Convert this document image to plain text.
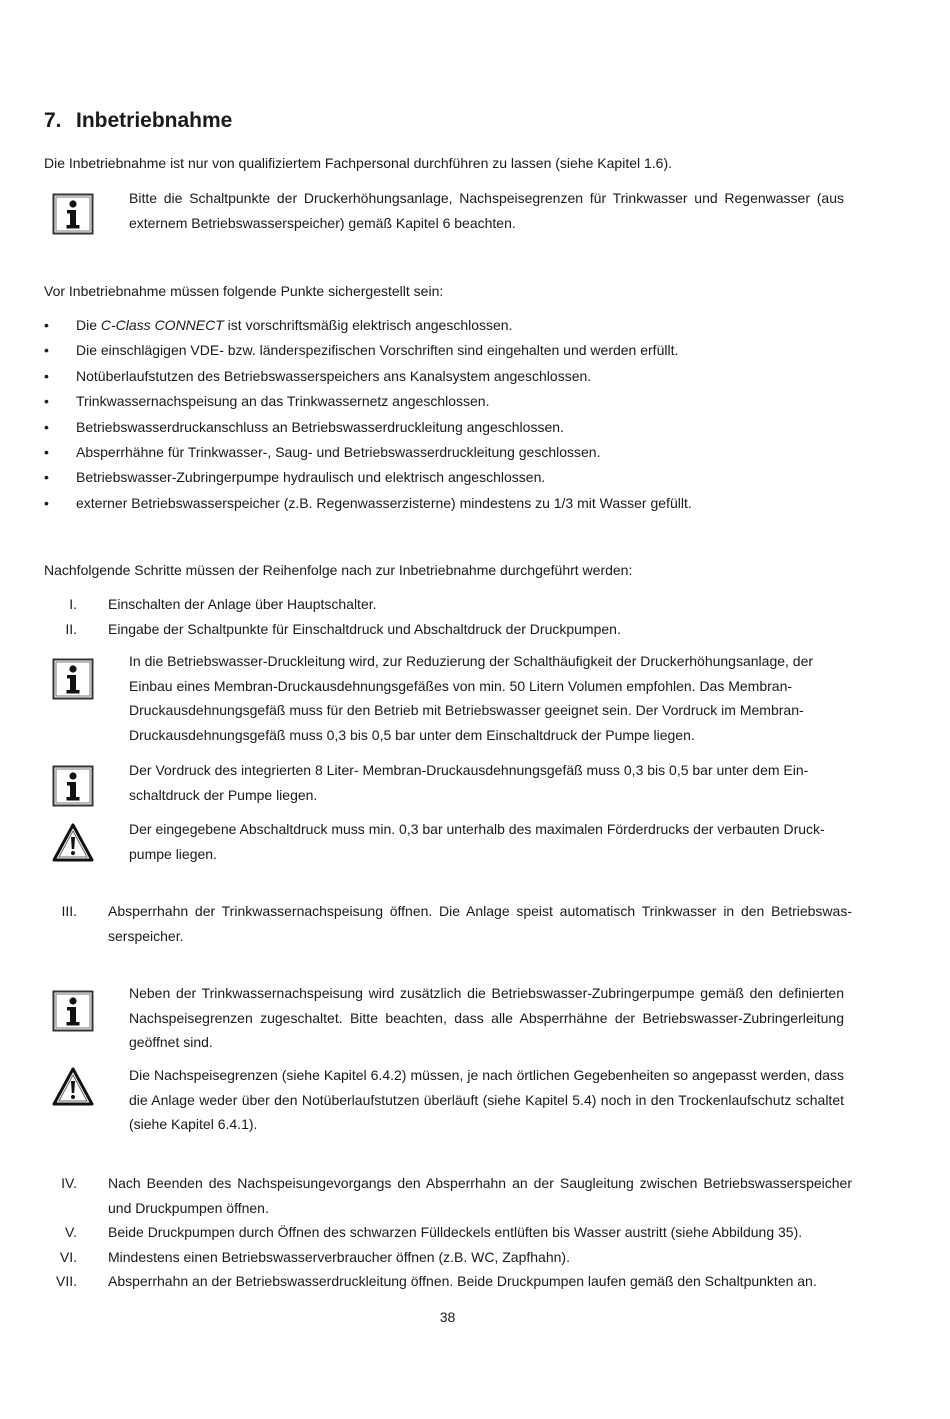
7. Inbetriebnahme
Die Inbetriebnahme ist nur von qualifiziertem Fachpersonal durchführen zu lassen (siehe Kapitel 1.6).
Bitte die Schaltpunkte der Druckerhöhungsanlage, Nachspeisegrenzen für Trinkwasser und Regenwasser (aus externem Betriebswasserspeicher) gemäß Kapitel 6 beachten.
Vor Inbetriebnahme müssen folgende Punkte sichergestellt sein:
• Die C-Class CONNECT ist vorschriftsmäßig elektrisch angeschlossen.
• Die einschlägigen VDE- bzw. länderspezifischen Vorschriften sind eingehalten und werden erfüllt.
• Notüberlaufstutzen des Betriebswasserspeichers ans Kanalsystem angeschlossen.
• Trinkwassernachspeisung an das Trinkwassernetz angeschlossen.
• Betriebswasserdruckanschluss an Betriebswasserdruckleitung angeschlossen.
• Absperrhähne für Trinkwasser-, Saug- und Betriebswasserdruckleitung geschlossen.
• Betriebswasser-Zubringerpumpe hydraulisch und elektrisch angeschlossen.
• externer Betriebswasserspeicher (z.B. Regenwasserzisterne) mindestens zu 1/3 mit Wasser gefüllt.
Nachfolgende Schritte müssen der Reihenfolge nach zur Inbetriebnahme durchgeführt werden:
I. Einschalten der Anlage über Hauptschalter.
II. Eingabe der Schaltpunkte für Einschaltdruck und Abschaltdruck der Druckpumpen.
In die Betriebswasser-Druckleitung wird, zur Reduzierung der Schalthäufigkeit der Druckerhöhungsanlage, der
Einbau eines Membran-Druckausdehnungsgefäßes von min. 50 Litern Volumen empfohlen. Das Membran-
Druckausdehnungsgefäß muss für den Betrieb mit Betriebswasser geeignet sein. Der Vordruck im Membran-
Druckausdehnungsgefäß muss 0,3 bis 0,5 bar unter dem Einschaltdruck der Pumpe liegen.
Der Vordruck des integrierten 8 Liter- Membran-Druckausdehnungsgefäß muss 0,3 bis 0,5 bar unter dem Ein-
schaltdruck der Pumpe liegen.
Der eingegebene Abschaltdruck muss min. 0,3 bar unterhalb des maximalen Förderdrucks der verbauten Druck-
pumpe liegen.
III. Absperrhahn der Trinkwassernachspeisung öffnen. Die Anlage speist automatisch Trinkwasser in den Betriebswas-serspeicher.
Neben der Trinkwassernachspeisung wird zusätzlich die Betriebswasser-Zubringerpumpe gemäß den definierten Nachspeisegrenzen zugeschaltet. Bitte beachten, dass alle Absperrhähne der Betriebswasser-Zubringerleitung geöffnet sind.
Die Nachspeisegrenzen (siehe Kapitel 6.4.2) müssen, je nach örtlichen Gegebenheiten so angepasst werden, dass die Anlage weder über den Notüberlaufstutzen überläuft (siehe Kapitel 5.4) noch in den Trockenlaufschutz schaltet (siehe Kapitel 6.4.1).
IV. Nach Beenden des Nachspeisungevorgangs den Absperrhahn an der Saugleitung zwischen Betriebswasserspeicher und Druckpumpen öffnen.
V. Beide Druckpumpen durch Öffnen des schwarzen Fülldeckels entlüften bis Wasser austritt (siehe Abbildung 35).
VI. Mindestens einen Betriebswasserverbraucher öffnen (z.B. WC, Zapfhahn).
VII. Absperrhahn an der Betriebswasserdruckleitung öffnen. Beide Druckpumpen laufen gemäß den Schaltpunkten an.
38
